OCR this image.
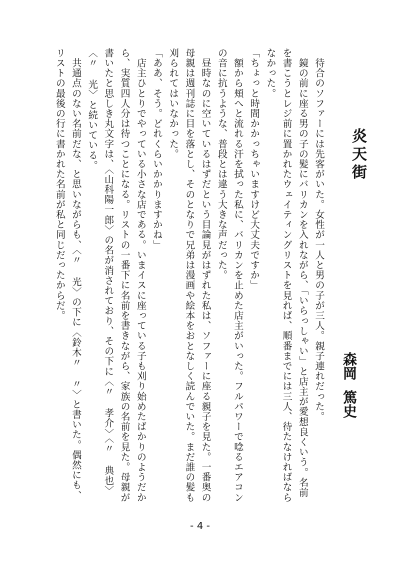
炎天街
森岡
篤史

　待合のソファーには先客がいた。女性が一人と男の子が三人。親子連れだった。

　鏡の前に座る男の子の髪にバリカンを入れながら、「いらっしゃい」と店主が愛想良くいう。名前を書こうとレジ前に置かれたウェイティングリストを見れば、順番までには三人、待たなければならなかった。

「ちょっと時間かかっちゃいますけど大丈夫ですか」

　額から頬へと流れる汗を拭った私に、バリカンを止めた店主がいった。フルパワーで唸るエアコンの音に抗うような、普段とは違う大きな声だった。

　昼時なのに空いているはずだという目論見がはずれた私は、ソファーに座る親子を見た。一番奥の母親は週刊誌に目を落とし、そのとなりで兄弟は漫画や絵本をおとなしく読んでいた。まだ誰の髪も刈られてはいなかった。

「ああ、そう。どれくらいかかりますかね」

　店主ひとりでやっている小さな店である。いまイスに座っている子も刈り始めたばかりのようだから、実質四人分は待つことになる。リストの一番下に名前を書きながら、家族の名前を見た。母親が書いたと思しき丸文字は、〈山科陽一郎〉の名が消されており、その下に〈〃 孝介〉〈〃 典也〉〈〃 光〉と続いている。

　共通点のない名前だな、と思いながらも、〈〃 光〉の下に〈鈴木〃 〃〉と書いた。偶然にも、リストの最後の行に書かれた名前が私と同じだったからだ。

- 4 -
